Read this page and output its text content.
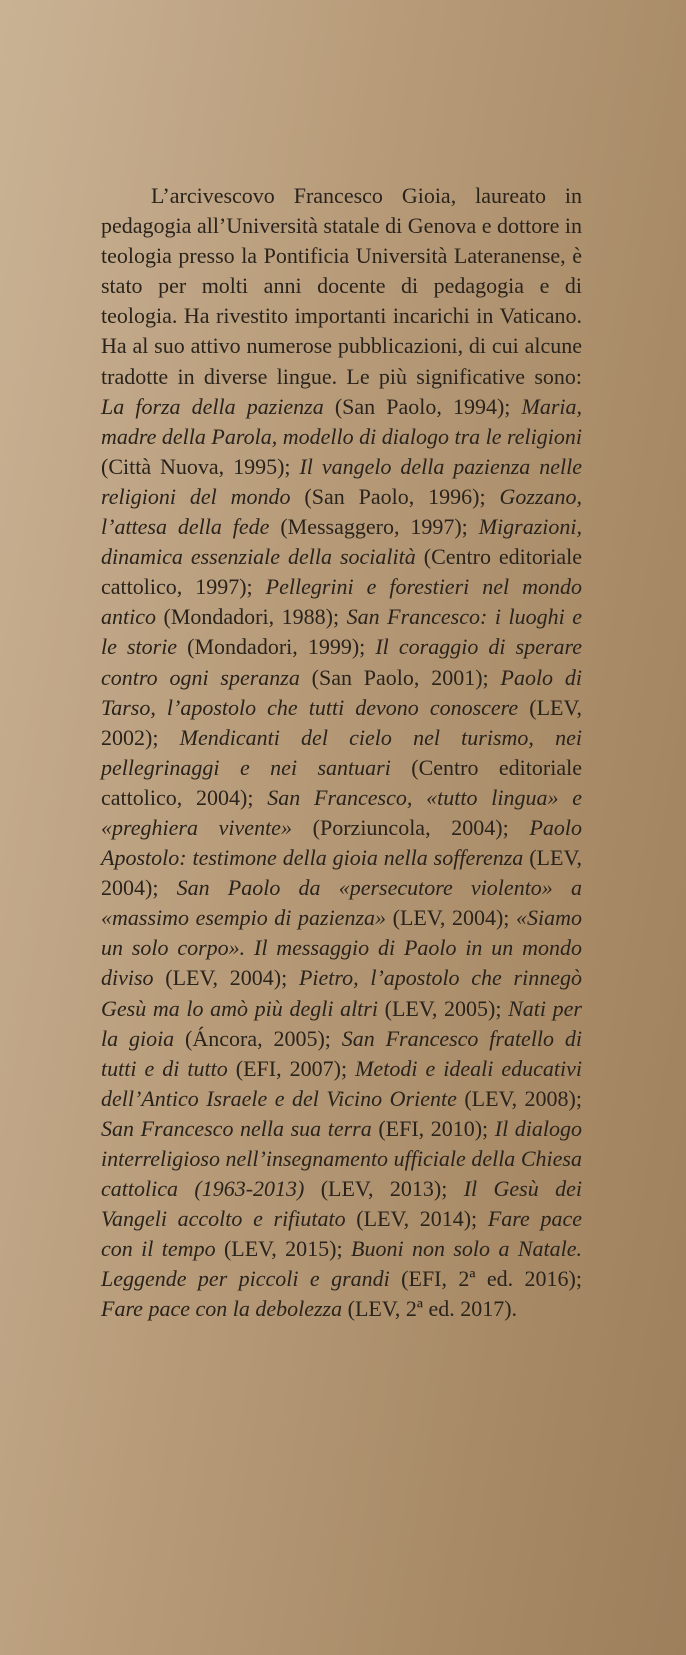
L’arcivescovo Francesco Gioia, laureato in pedagogia all’Università statale di Genova e dottore in teologia presso la Pontificia Università Lateranense, è stato per molti anni docente di pedagogia e di teologia. Ha rivestito importanti incarichi in Vaticano. Ha al suo attivo numerose pubblicazioni, di cui alcune tradotte in diverse lingue. Le più significative sono: La forza della pazienza (San Paolo, 1994); Maria, madre della Parola, modello di dialogo tra le religioni (Città Nuova, 1995); Il vangelo della pazienza nelle religioni del mondo (San Paolo, 1996); Gozzano, l’attesa della fede (Messaggero, 1997); Migrazioni, dinamica essenziale della socialità (Centro editoriale cattolico, 1997); Pellegrini e forestieri nel mondo antico (Mondadori, 1988); San Francesco: i luoghi e le storie (Mondadori, 1999); Il coraggio di sperare contro ogni speranza (San Paolo, 2001); Paolo di Tarso, l’apostolo che tutti devono conoscere (LEV, 2002); Mendicanti del cielo nel turismo, nei pellegrinaggi e nei santuari (Centro editoriale cattolico, 2004); San Francesco, «tutto lingua» e «preghiera vivente» (Porziuncola, 2004); Paolo Apostolo: testimone della gioia nella sofferenza (LEV, 2004); San Paolo da «persecutore violento» a «massimo esempio di pazienza» (LEV, 2004); «Siamo un solo corpo». Il messaggio di Paolo in un mondo diviso (LEV, 2004); Pietro, l’apostolo che rinnegò Gesù ma lo amò più degli altri (LEV, 2005); Nati per la gioia (Áncora, 2005); San Francesco fratello di tutti e di tutto (EFI, 2007); Metodi e ideali educativi dell’Antico Israele e del Vicino Oriente (LEV, 2008); San Francesco nella sua terra (EFI, 2010); Il dialogo interreligioso nell’insegnamento ufficiale della Chiesa cattolica (1963-2013) (LEV, 2013); Il Gesù dei Vangeli accolto e rifiutato (LEV, 2014); Fare pace con il tempo (LEV, 2015); Buoni non solo a Natale. Leggende per piccoli e grandi (EFI, 2ª ed. 2016); Fare pace con la debolezza (LEV, 2ª ed. 2017).
